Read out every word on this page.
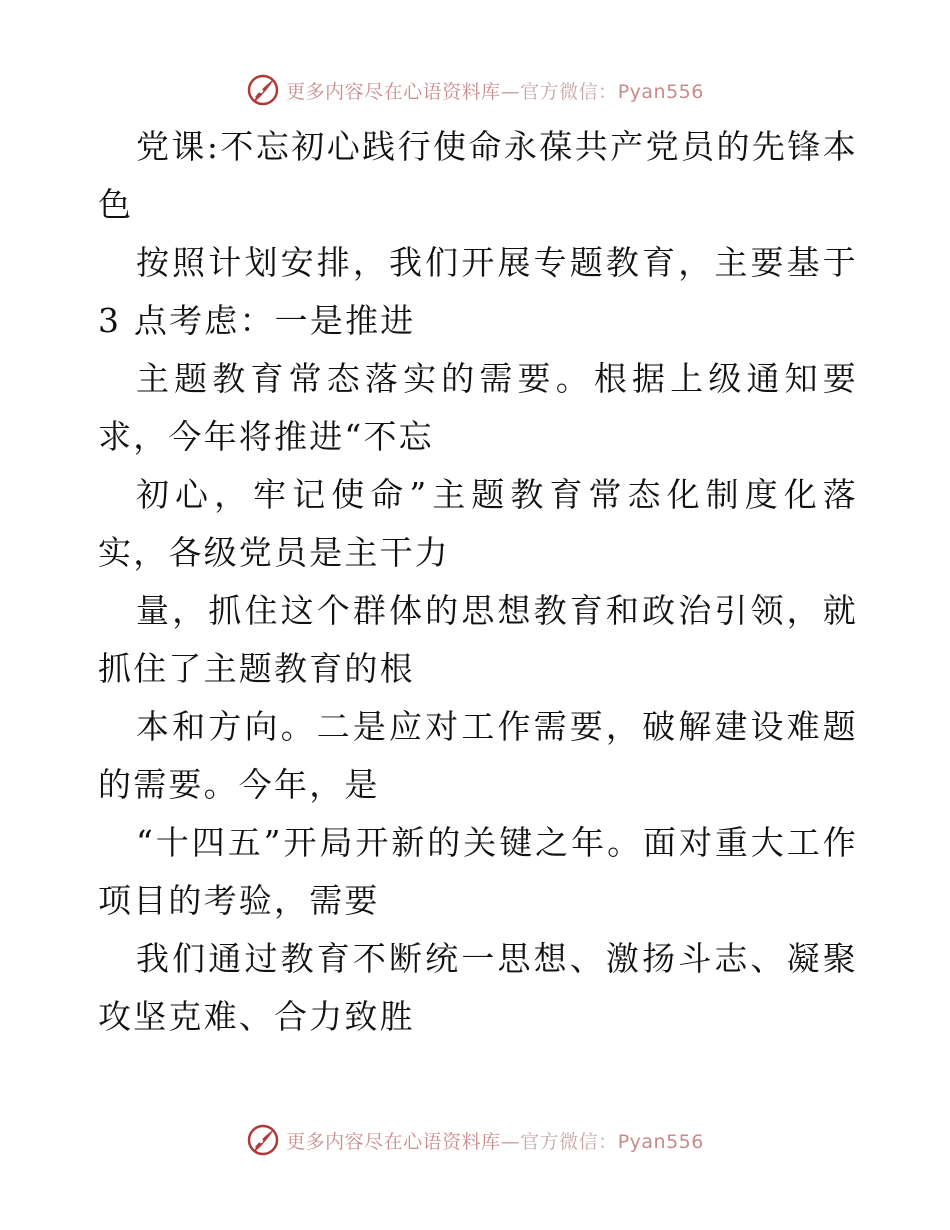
更多内容尽在心语资料库—官方微信：Pyan556

党课:不忘初心践行使命永葆共产党员的先锋本色

按照计划安排，我们开展专题教育，主要基于 3 点考虑：一是推进

主题教育常态落实的需要。根据上级通知要求，今年将推进“不忘

初心，牢记使命”主题教育常态化制度化落实，各级党员是主干力

量，抓住这个群体的思想教育和政治引领，就抓住了主题教育的根

本和方向。二是应对工作需要，破解建设难题的需要。今年，是

“十四五”开局开新的关键之年。面对重大工作项目的考验，需要

我们通过教育不断统一思想、激扬斗志、凝聚攻坚克难、合力致胜

更多内容尽在心语资料库—官方微信：Pyan556
